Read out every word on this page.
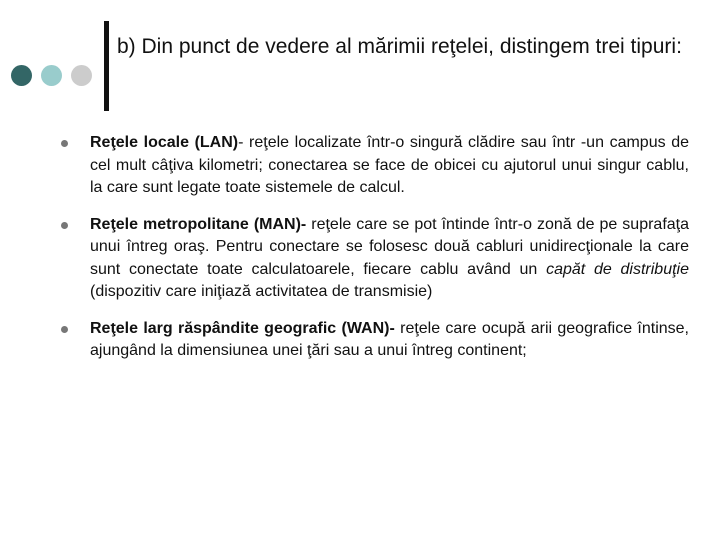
b) Din punct de vedere al mărimii reţelei, distingem trei tipuri:
Reţele locale (LAN)- reţele localizate într-o singură clădire sau într -un campus de cel mult câţiva kilometri; conectarea se face de obicei cu ajutorul unui singur cablu, la care sunt legate toate sistemele de calcul.
Reţele metropolitane (MAN)- reţele care se pot întinde într-o zonă de pe suprafaţa unui întreg oraş. Pentru conectare se folosesc două cabluri unidirecţionale la care sunt conectate toate calculatoarele, fiecare cablu având un capăt de distribuţie (dispozitiv care iniţiază activitatea de transmisie)
Reţele larg răspândite geografic (WAN)- reţele care ocupă arii geografice întinse, ajungând la dimensiunea unei ţări sau a unui întreg continent;
